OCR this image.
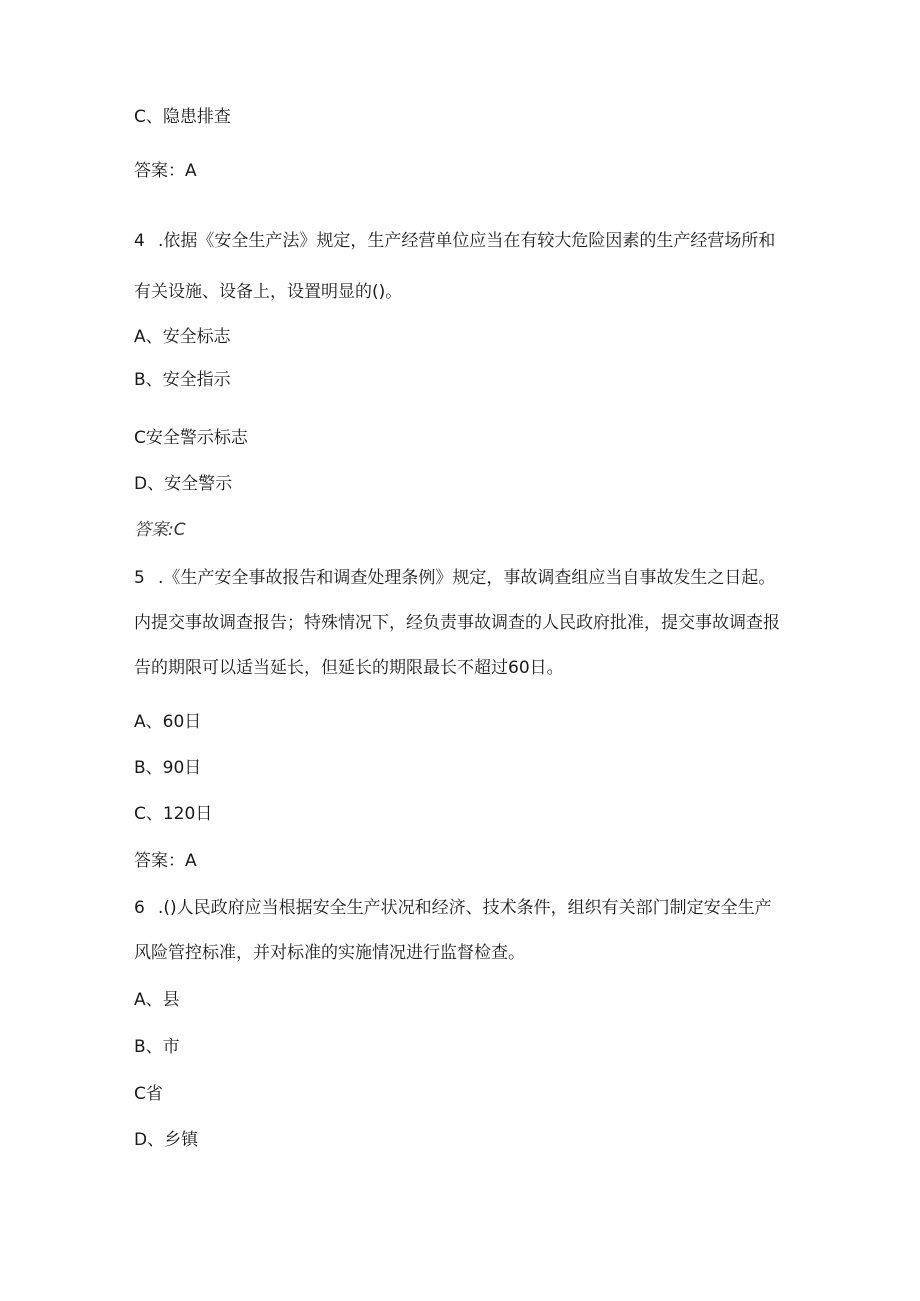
C、隐患排查

答案：A

4 .依据《安全生产法》规定，生产经营单位应当在有较大危险因素的生产经营场所和

有关设施、设备上，设置明显的()。

A、安全标志

B、安全指示

C安全警示标志

D、安全警示

答案:C

5 .《生产安全事故报告和调查处理条例》规定，事故调查组应当自事故发生之日起。

内提交事故调查报告；特殊情况下，经负责事故调查的人民政府批准，提交事故调查报

告的期限可以适当延长，但延长的期限最长不超过60日。

A、60日

B、90日

C、120日

答案：A

6 .()人民政府应当根据安全生产状况和经济、技术条件，组织有关部门制定安全生产

风险管控标准，并对标准的实施情况进行监督检查。

A、县

B、市

C省

D、乡镇
